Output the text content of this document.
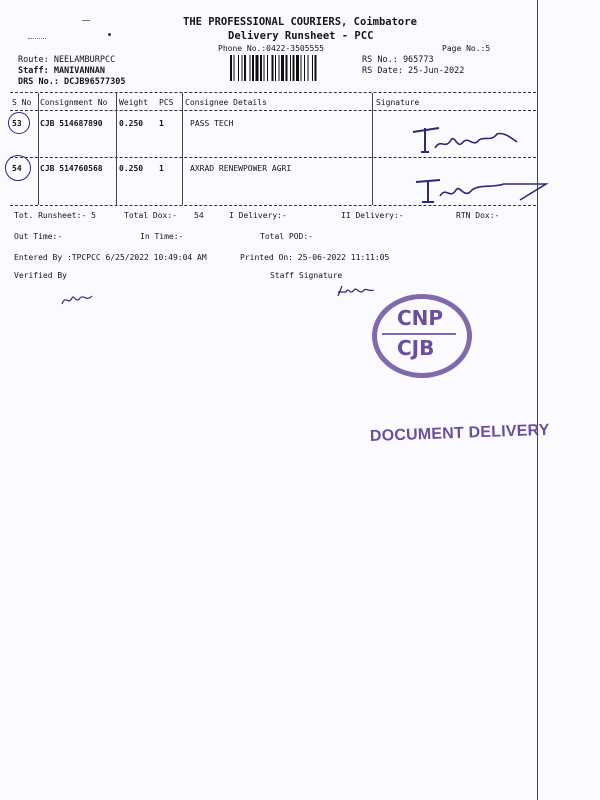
THE PROFESSIONAL COURIERS, Coimbatore
Delivery Runsheet - PCC
Phone No.:0422-3505555	Page No.:5
Route: NEELAMBURPCC
Staff: MANIVANNAN
DRS No.: DCJB96577305
RS No.: 965773
RS Date: 25-Jun-2022
S No Consignment No Weight PCS Consignee Details	Signature
53 CJB 514687890 0.250 1	PASS TECH
54 CJB 514760568 0.250 1	AXRAD RENEWPOWER AGRI
Tot. Runsheet:- 5	Total Dox:- 54	I Delivery:-	II Delivery:-	RTN Dox:-
Out Time:-	In Time:-	Total POD:-
Entered By :TPCPCC 6/25/2022 10:49:04 AM	Printed On: 25-06-2022 11:11:05
Verified By	Staff Signature
CNP
CJB
DOCUMENT DELIVERY
